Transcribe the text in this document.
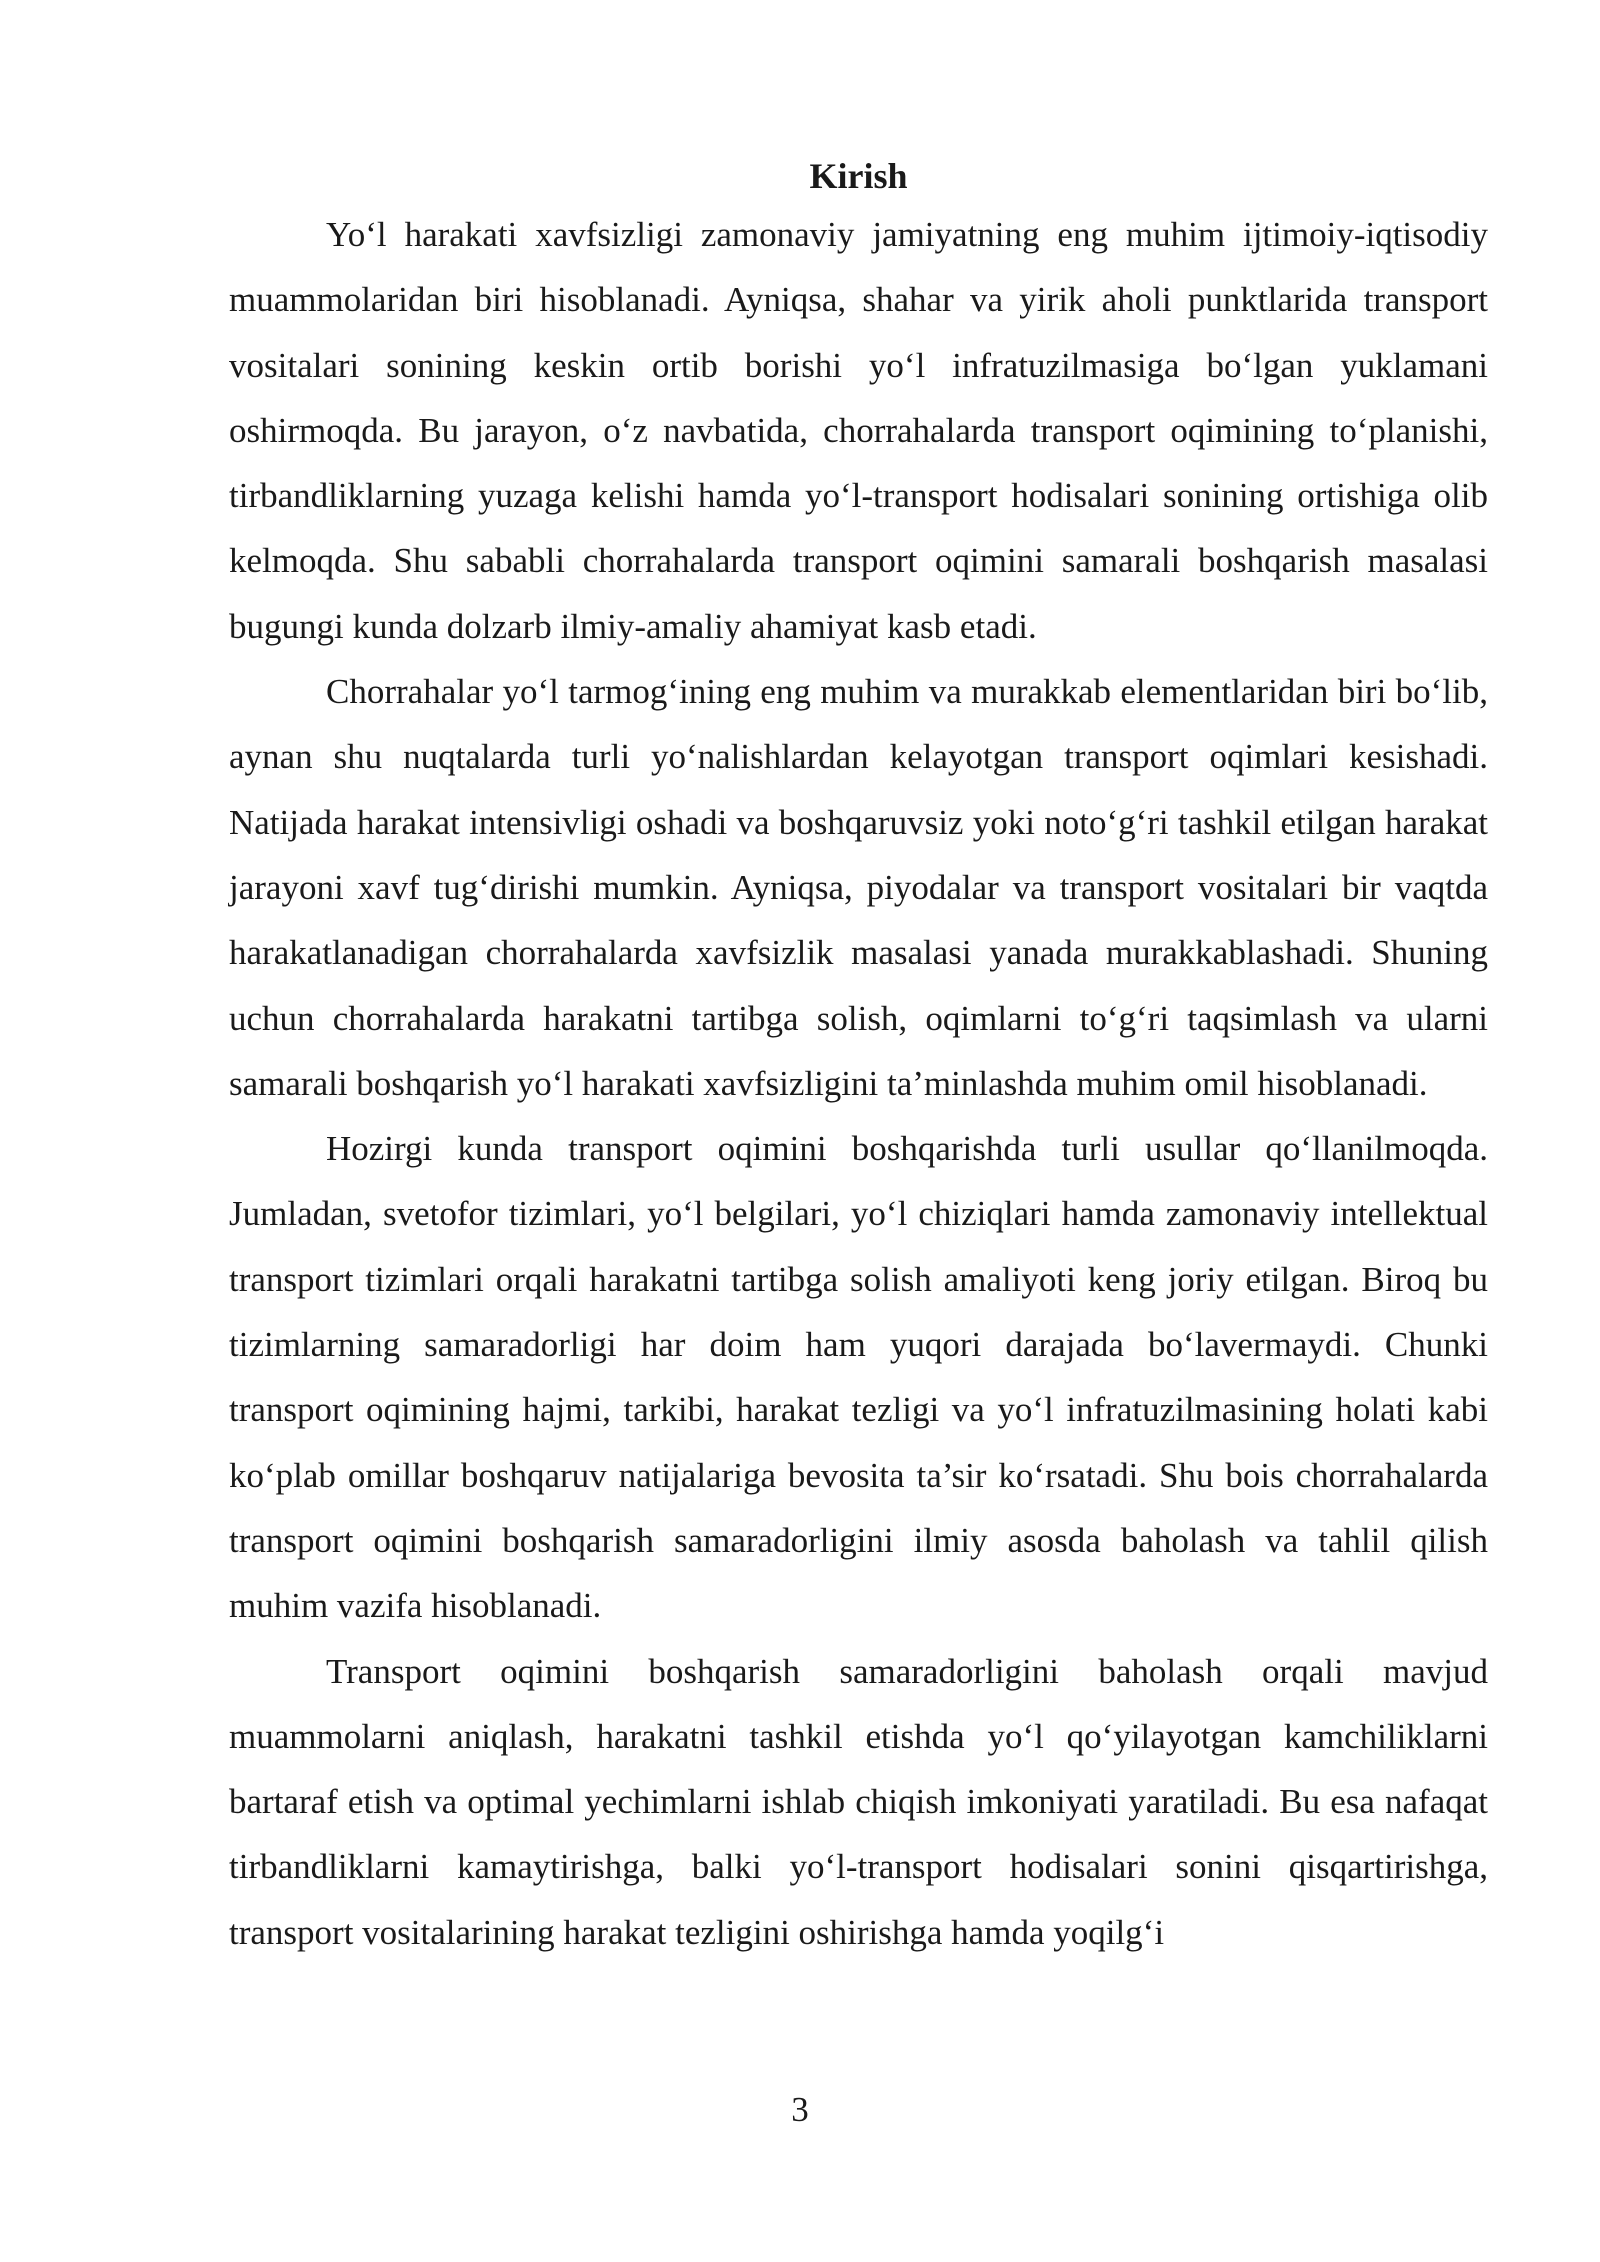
Kirish

Yo‘l harakati xavfsizligi zamonaviy jamiyatning eng muhim ijtimoiy-iqtisodiy muammolaridan biri hisoblanadi. Ayniqsa, shahar va yirik aholi punktlarida transport vositalari sonining keskin ortib borishi yo‘l infratuzilmasiga bo‘lgan yuklamani oshirmoqda. Bu jarayon, o‘z navbatida, chorrahalarda transport oqimining to‘planishi, tirbandliklarning yuzaga kelishi hamda yo‘l-transport hodisalari sonining ortishiga olib kelmoqda. Shu sababli chorrahalarda transport oqimini samarali boshqarish masalasi bugungi kunda dolzarb ilmiy-amaliy ahamiyat kasb etadi.

Chorrahalar yo‘l tarmog‘ining eng muhim va murakkab elementlaridan biri bo‘lib, aynan shu nuqtalarda turli yo‘nalishlardan kelayotgan transport oqimlari kesishadi. Natijada harakat intensivligi oshadi va boshqaruvsiz yoki noto‘g‘ri tashkil etilgan harakat jarayoni xavf tug‘dirishi mumkin. Ayniqsa, piyodalar va transport vositalari bir vaqtda harakatlanadigan chorrahalarda xavfsizlik masalasi yanada murakkablashadi. Shuning uchun chorrahalarda harakatni tartibga solish, oqimlarni to‘g‘ri taqsimlash va ularni samarali boshqarish yo‘l harakati xavfsizligini ta’minlashda muhim omil hisoblanadi.

Hozirgi kunda transport oqimini boshqarishda turli usullar qo‘llanilmoqda. Jumladan, svetofor tizimlari, yo‘l belgilari, yo‘l chiziqlari hamda zamonaviy intellektual transport tizimlari orqali harakatni tartibga solish amaliyoti keng joriy etilgan. Biroq bu tizimlarning samaradorligi har doim ham yuqori darajada bo‘lavermaydi. Chunki transport oqimining hajmi, tarkibi, harakat tezligi va yo‘l infratuzilmasining holati kabi ko‘plab omillar boshqaruv natijalariga bevosita ta’sir ko‘rsatadi. Shu bois chorrahalarda transport oqimini boshqarish samaradorligini ilmiy asosda baholash va tahlil qilish muhim vazifa hisoblanadi.

Transport oqimini boshqarish samaradorligini baholash orqali mavjud muammolarni aniqlash, harakatni tashkil etishda yo‘l qo‘yilayotgan kamchiliklarni bartaraf etish va optimal yechimlarni ishlab chiqish imkoniyati yaratiladi. Bu esa nafaqat tirbandliklarni kamaytirishga, balki yo‘l-transport hodisalari sonini qisqartirishga, transport vositalarining harakat tezligini oshirishga hamda yoqilg‘i

3
